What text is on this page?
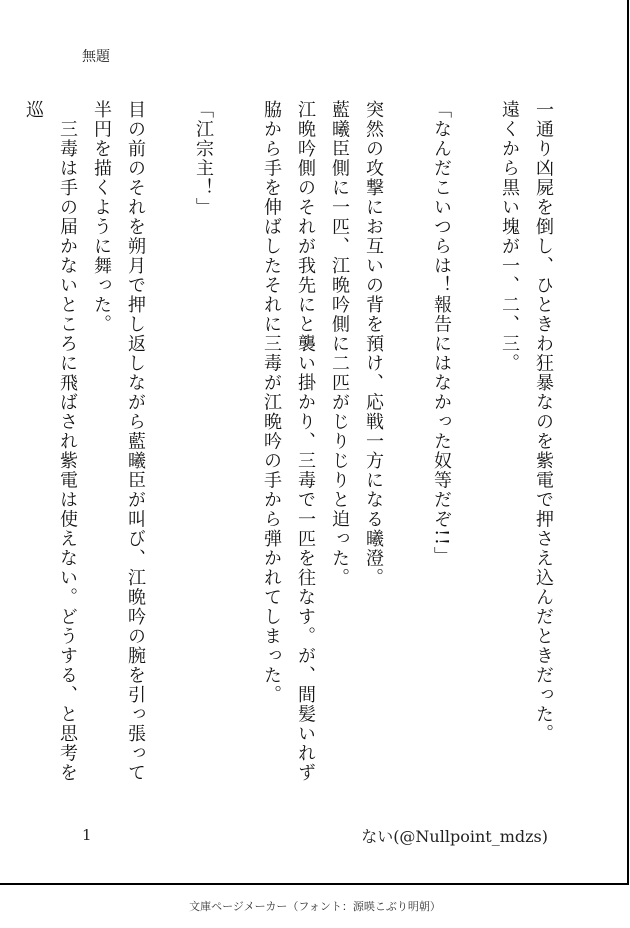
無題

一通り凶屍を倒し、ひときわ狂暴なのを紫電で押さえ込んだときだった。

遠くから黒い塊が一、二、三。

「なんだこいつらは！報告にはなかった奴等だぞ!!」

突然の攻撃にお互いの背を預け、応戦一方になる曦澄。

藍曦臣側に一匹、江晩吟側に二匹がじりじりと迫った。

江晩吟側のそれが我先にと襲い掛かり、三毒で一匹を往なす。が、間髪いれず

脇から手を伸ばしたそれに三毒が江晩吟の手から弾かれてしまった。

「江宗主！」

目の前のそれを朔月で押し返しながら藍曦臣が叫び、江晩吟の腕を引っ張って

半円を描くように舞った。

　三毒は手の届かないところに飛ばされ紫電は使えない。どうする、と思考を巡

1	ない(@Nullpoint_mdzs)
文庫ページメーカー（フォント：源暎こぶり明朝）
